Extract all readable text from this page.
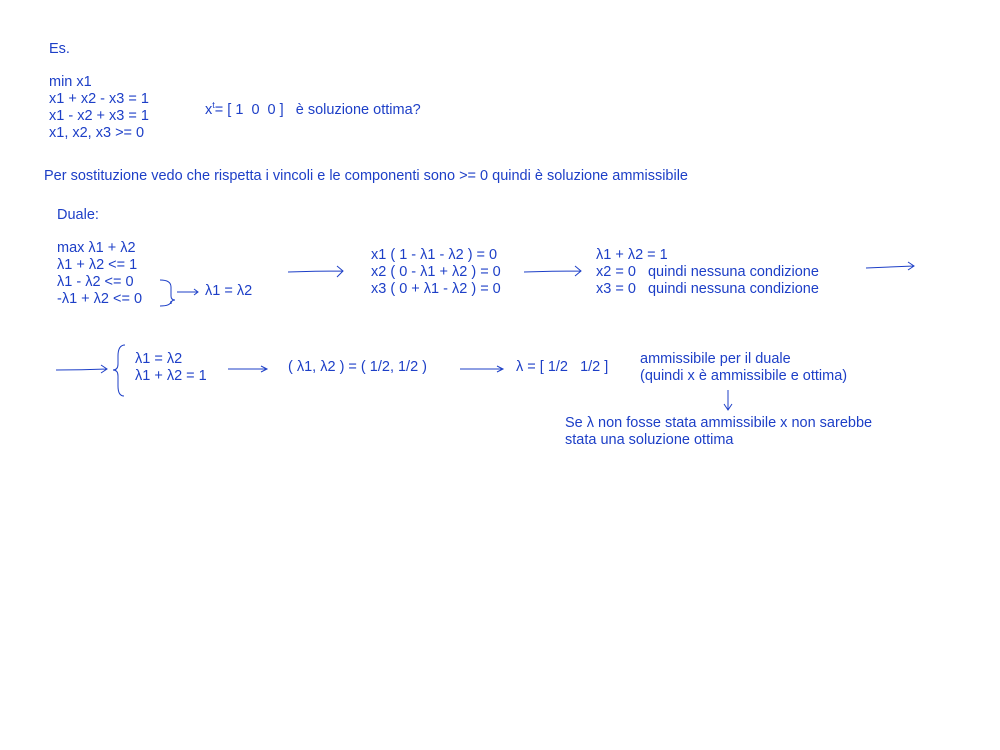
Es.
min x1
x1 + x2 - x3 = 1
x1 - x2 + x3 = 1
x1, x2, x3 >= 0
$x^t=$ [ 1  0  0 ]   è soluzione ottima?
Per sostituzione vedo che rispetta i vincoli e le componenti sono >= 0 quindi è soluzione ammissibile
Duale:
max λ1 + λ2
λ1 + λ2 <= 1
λ1 - λ2 <= 0
-λ1 + λ2 <= 0	λ1 = λ2
x1 ( 1 - λ1 - λ2 ) = 0
x2 ( 0 - λ1 + λ2 ) = 0
x3 ( 0 + λ1 - λ2 ) = 0
λ1 + λ2 = 1
x2 = 0   quindi nessuna condizione
x3 = 0   quindi nessuna condizione
λ1 = λ2
λ1 + λ2 = 1
( λ1, λ2 ) = ( 1/2, 1/2 )	λ = [ 1/2   1/2 ] ammissibile per il duale
(quindi x è ammissibile e ottima)
Se λ non fosse stata ammissibile x non sarebbe
stata una soluzione ottima
